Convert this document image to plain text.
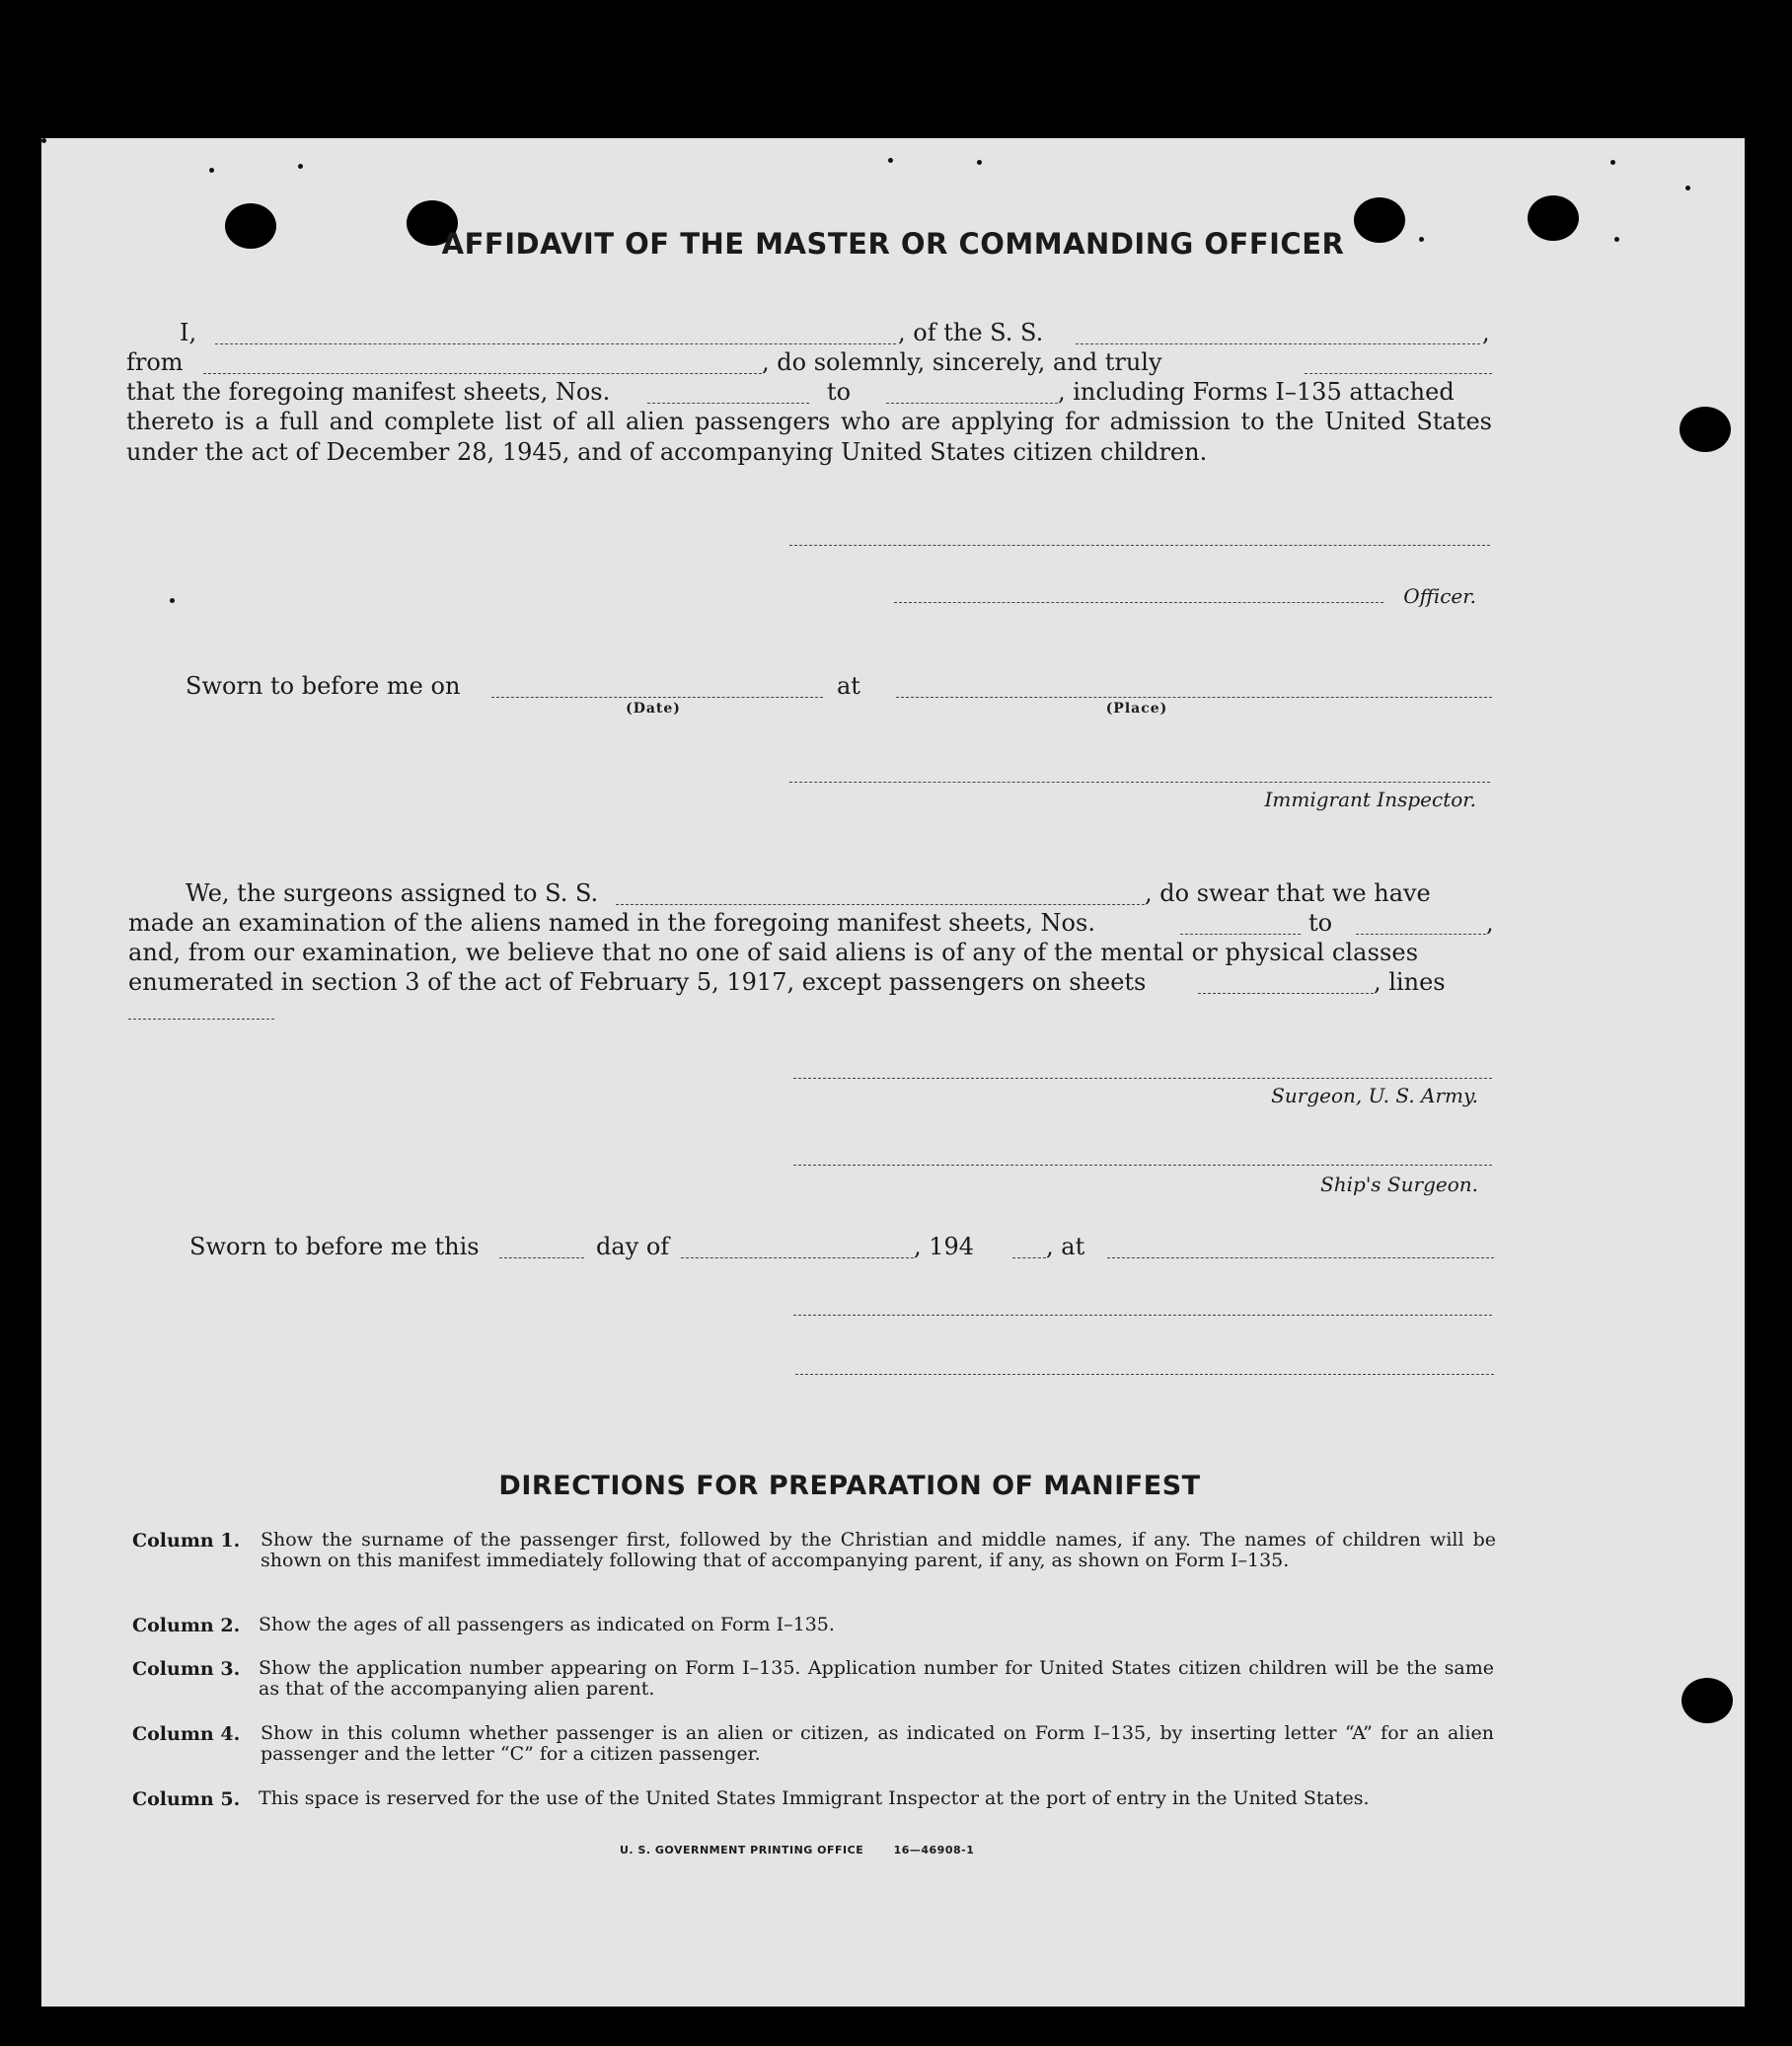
AFFIDAVIT OF THE MASTER OR COMMANDING OFFICER
I,	, of the S. S.	,
from	, do solemnly, sincerely, and truly
that the foregoing manifest sheets, Nos.	to	, including Forms I–135 attached
thereto is a full and complete list of all alien passengers who are applying for admission to the United States under the act of December 28, 1945, and of accompanying United States citizen children.
Officer.
Sworn to before me on	at
(Date)	(Place)
Immigrant Inspector.
We, the surgeons assigned to S. S.	, do swear that we have
made an examination of the aliens named in the foregoing manifest sheets, Nos.	to	,
and, from our examination, we believe that no one of said aliens is of any of the mental or physical classes
enumerated in section 3 of the act of February 5, 1917, except passengers on sheets	, lines
Surgeon, U. S. Army.
Ship's Surgeon.
Sworn to before me this	day of	, 194	, at
DIRECTIONS FOR PREPARATION OF MANIFEST
Column 1. Show the surname of the passenger first, followed by the Christian and middle names, if any. The names of children will be shown on this manifest immediately following that of accompanying parent, if any, as shown on Form I–135.
Column 2. Show the ages of all passengers as indicated on Form I–135.
Column 3. Show the application number appearing on Form I–135. Application number for United States citizen children will be the same as that of the accompanying alien parent.
Column 4. Show in this column whether passenger is an alien or citizen, as indicated on Form I–135, by inserting letter “A” for an alien passenger and the letter “C” for a citizen passenger.
Column 5. This space is reserved for the use of the United States Immigrant Inspector at the port of entry in the United States.
U. S. GOVERNMENT PRINTING OFFICE	16—46908-1
